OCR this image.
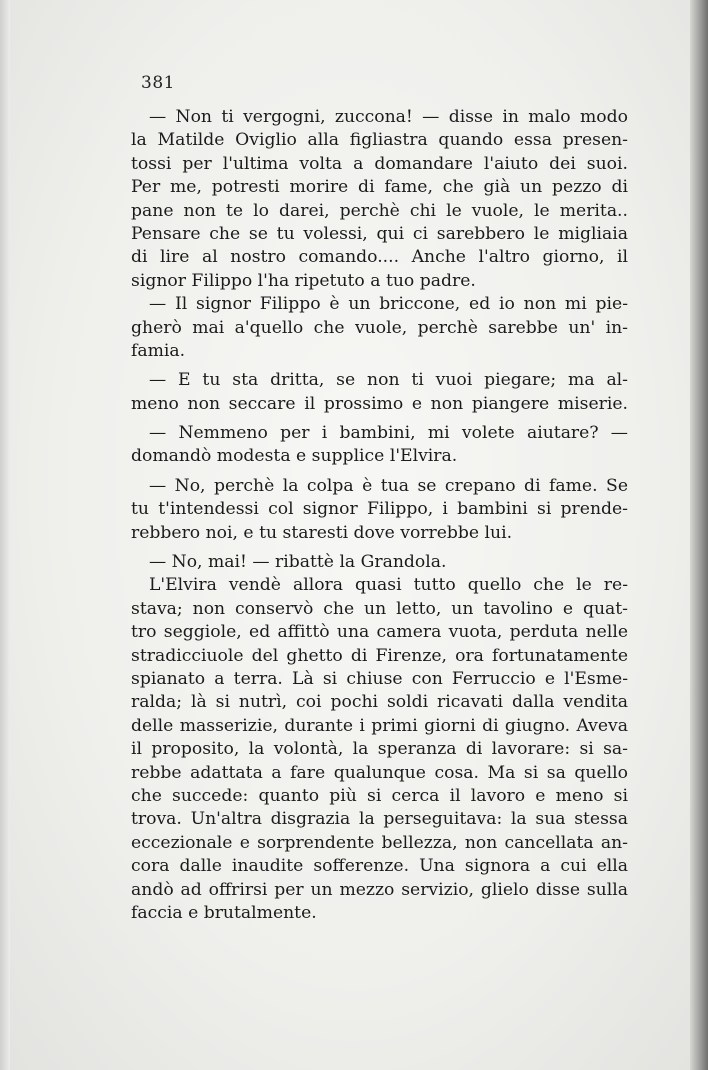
381
— Non ti vergogni, zuccona! — disse in malo modo
la Matilde Oviglio alla figliastra quando essa presen-
tossi per l'ultima volta a domandare l'aiuto dei suoi.
Per me, potresti morire di fame, che già un pezzo di
pane non te lo darei, perchè chi le vuole, le merita..
Pensare che se tu volessi, qui ci sarebbero le migliaia
di lire al nostro comando.... Anche l'altro giorno, il
signor Filippo l'ha ripetuto a tuo padre.
— Il signor Filippo è un briccone, ed io non mi pie-
gherò mai a'quello che vuole, perchè sarebbe un' in-
famia.
— E tu sta dritta, se non ti vuoi piegare; ma al-
meno non seccare il prossimo e non piangere miserie.
— Nemmeno per i bambini, mi volete aiutare? —
domandò modesta e supplice l'Elvira.
— No, perchè la colpa è tua se crepano di fame. Se
tu t'intendessi col signor Filippo, i bambini si prende-
rebbero noi, e tu staresti dove vorrebbe lui.
— No, mai! — ribattè la Grandola.
L'Elvira vendè allora quasi tutto quello che le re-
stava; non conservò che un letto, un tavolino e quat-
tro seggiole, ed affittò una camera vuota, perduta nelle
stradicciuole del ghetto di Firenze, ora fortunatamente
spianato a terra. Là si chiuse con Ferruccio e l'Esme-
ralda; là si nutrì, coi pochi soldi ricavati dalla vendita
delle masserizie, durante i primi giorni di giugno. Aveva
il proposito, la volontà, la speranza di lavorare: si sa-
rebbe adattata a fare qualunque cosa. Ma si sa quello
che succede: quanto più si cerca il lavoro e meno si
trova. Un'altra disgrazia la perseguitava: la sua stessa
eccezionale e sorprendente bellezza, non cancellata an-
cora dalle inaudite sofferenze. Una signora a cui ella
andò ad offrirsi per un mezzo servizio, glielo disse sulla
faccia e brutalmente.
